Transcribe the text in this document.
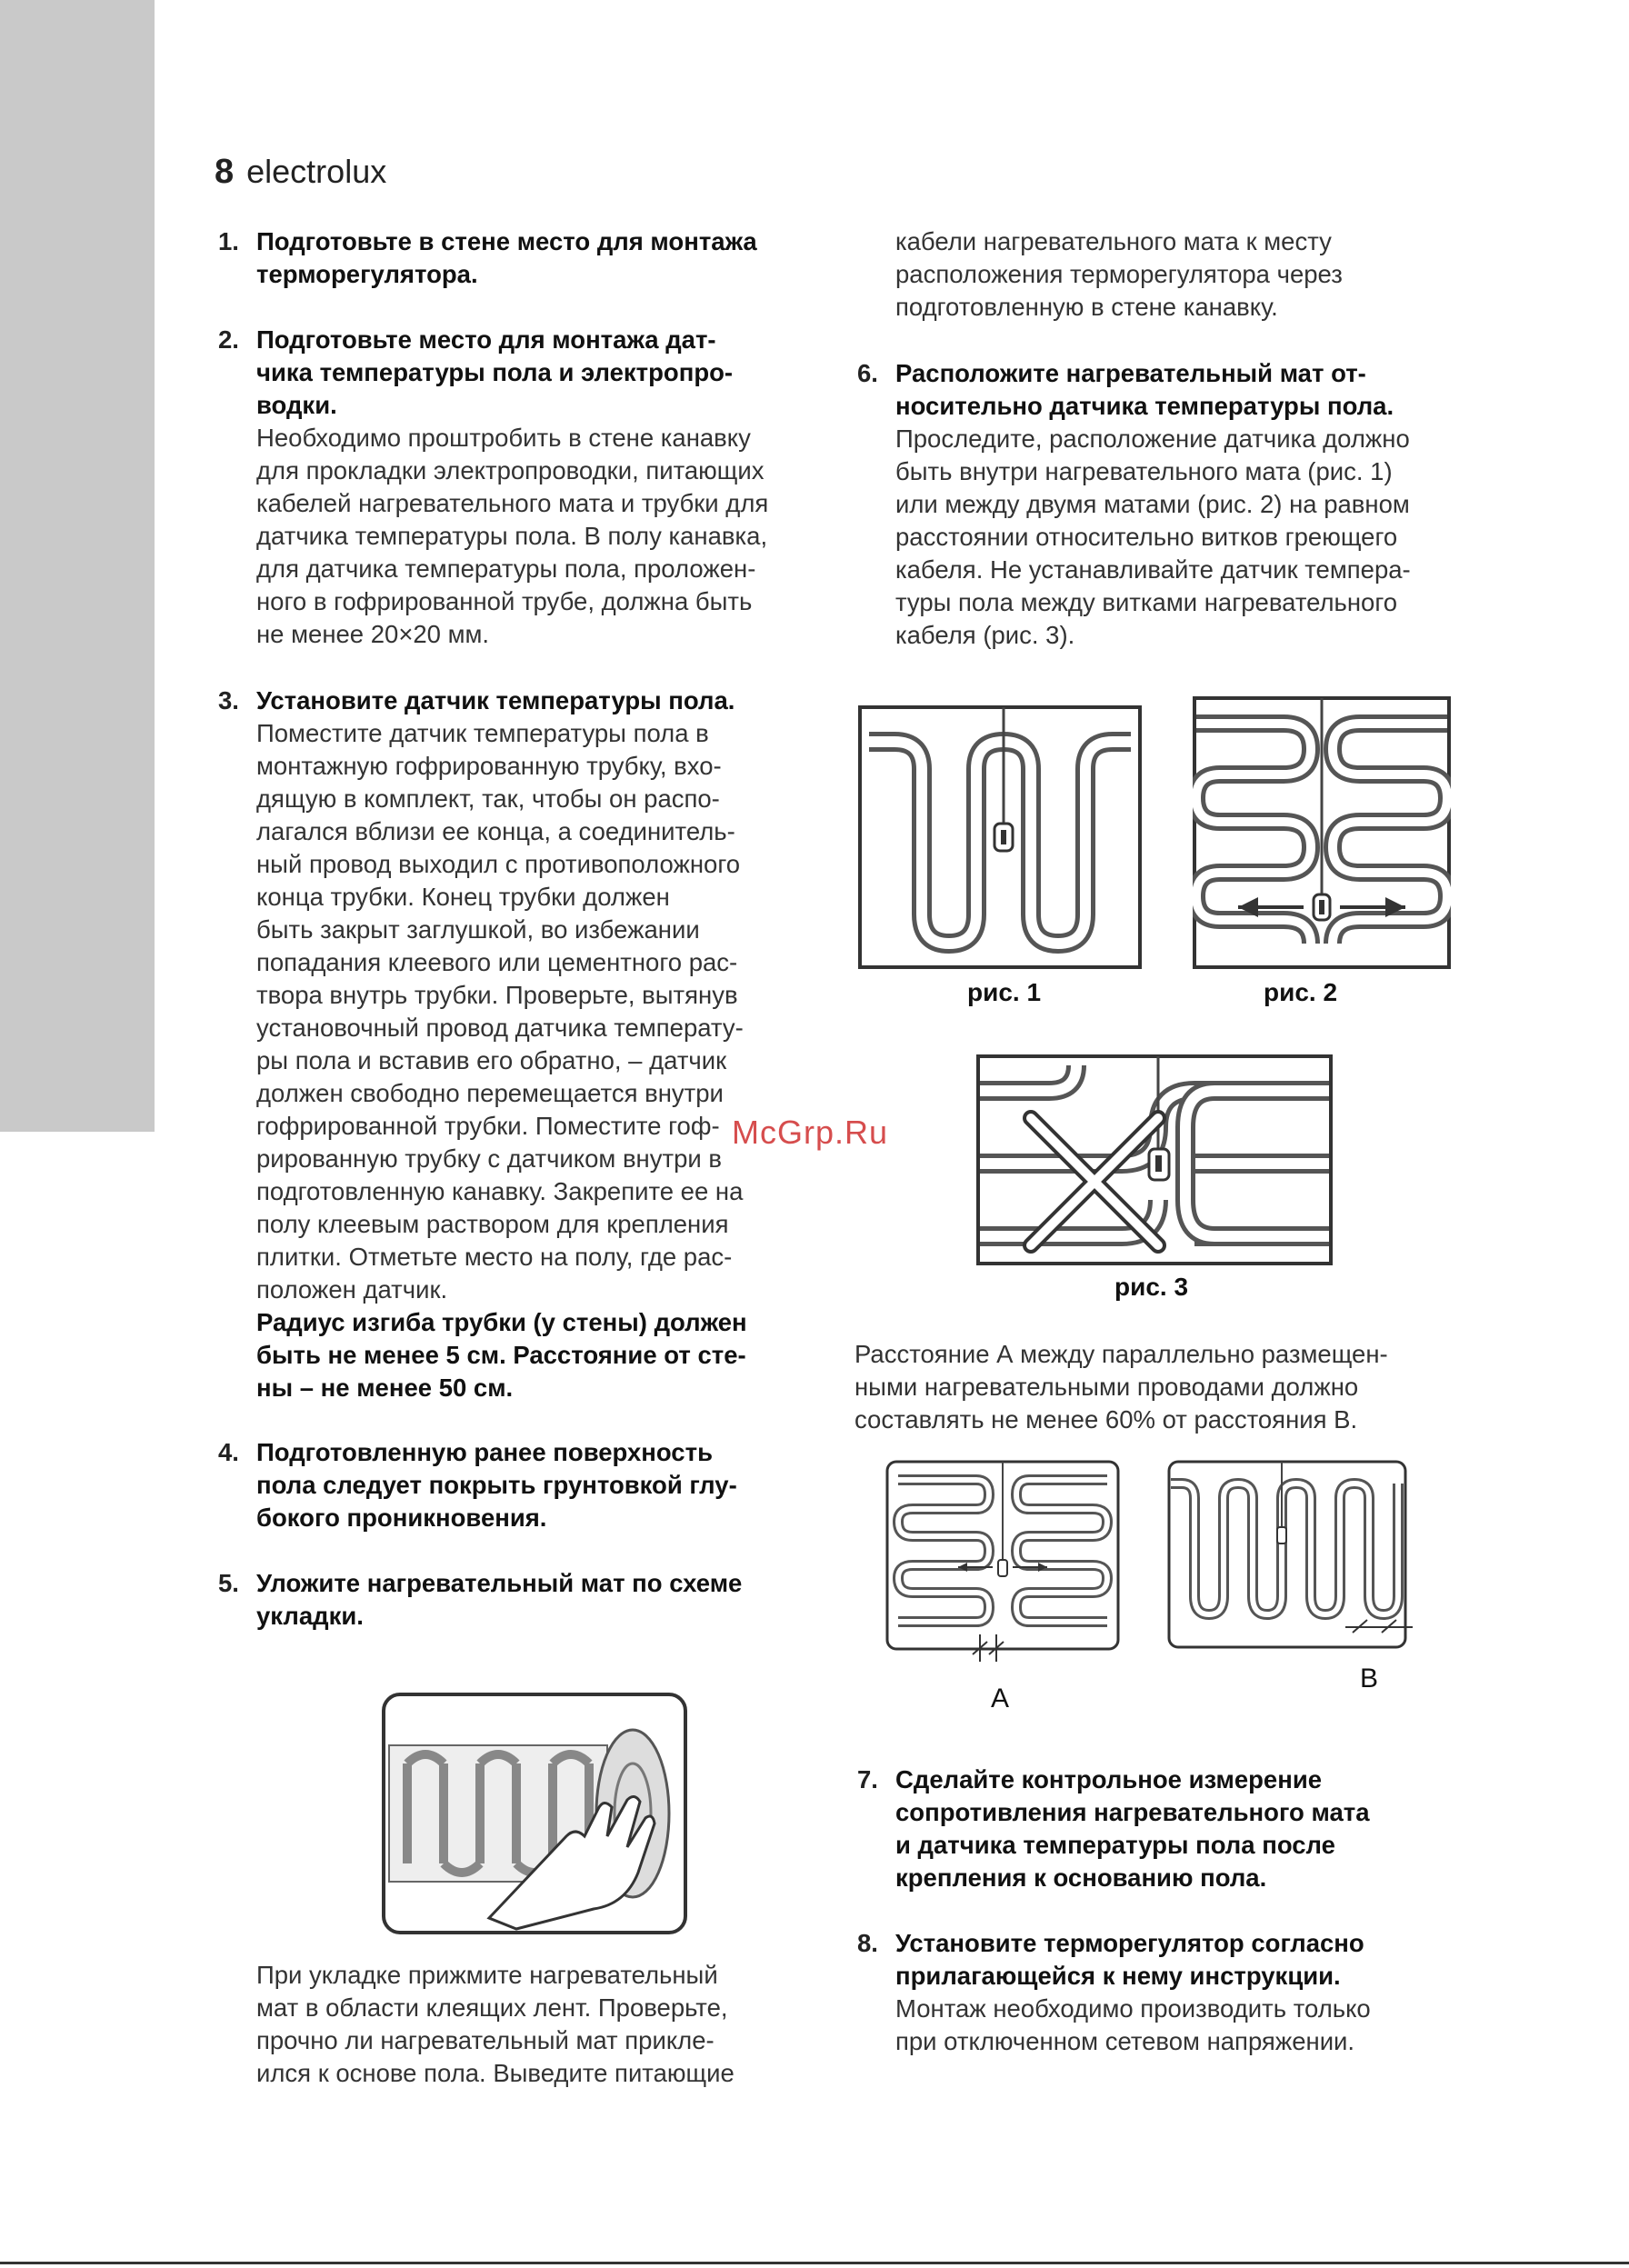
8 electrolux
1. Подготовьте в стене место для монтажа
терморегулятора.
2. Подготовьте место для монтажа дат-
чика температуры пола и электропро-
водки.
Необходимо проштробить в стене канавку
для прокладки электропроводки, питающих
кабелей нагревательного мата и трубки для
датчика температуры пола. В полу канавка,
для датчика температуры пола, проложен-
ного в гофрированной трубе, должна быть
не менее 20×20 мм.
3. Установите датчик температуры пола.
Поместите датчик температуры пола в
монтажную гофрированную трубку, вхо-
дящую в комплект, так, чтобы он распо-
лагался вблизи ее конца, а соединитель-
ный провод выходил с противоположного
конца трубки. Конец трубки должен
быть закрыт заглушкой, во избежании
попадания клеевого или цементного рас-
твора внутрь трубки. Проверьте, вытянув
установочный провод датчика температу-
ры пола и вставив его обратно, – датчик
должен свободно перемещается внутри
гофрированной трубки. Поместите гоф-
рированную трубку с датчиком внутри в
подготовленную канавку. Закрепите ее на
полу клеевым раствором для крепления
плитки. Отметьте место на полу, где рас-
положен датчик.
Радиус изгиба трубки (у стены) должен
быть не менее 5 см. Расстояние от сте-
ны – не менее 50 см.
4. Подготовленную ранее поверхность
пола следует покрыть грунтовкой глу-
бокого проникновения.
5. Уложите нагревательный мат по схеме
укладки.
При укладке прижмите нагревательный
мат в области клеящих лент. Проверьте,
прочно ли нагревательный мат прикле-
ился к основе пола. Выведите питающие
кабели нагревательного мата к месту
расположения терморегулятора через
подготовленную в стене канавку.
6. Расположите нагревательный мат от-
носительно датчика температуры пола.
Проследите, расположение датчика должно
быть внутри нагревательного мата (рис. 1)
или между двумя матами (рис. 2) на равном
расстоянии относительно витков греющего
кабеля. Не устанавливайте датчик темпера-
туры пола между витками нагревательного
кабеля (рис. 3).
рис. 1	рис. 2
рис. 3
Расстояние А между параллельно размещен-
ными нагревательными проводами должно
составлять не менее 60% от расстояния В.
A
B
7. Сделайте контрольное измерение
сопротивления нагревательного мата
и датчика температуры пола после
крепления к основанию пола.
8. Установите терморегулятор согласно
прилагающейся к нему инструкции.
Монтаж необходимо производить только
при отключенном сетевом напряжении.
McGrp.Ru
